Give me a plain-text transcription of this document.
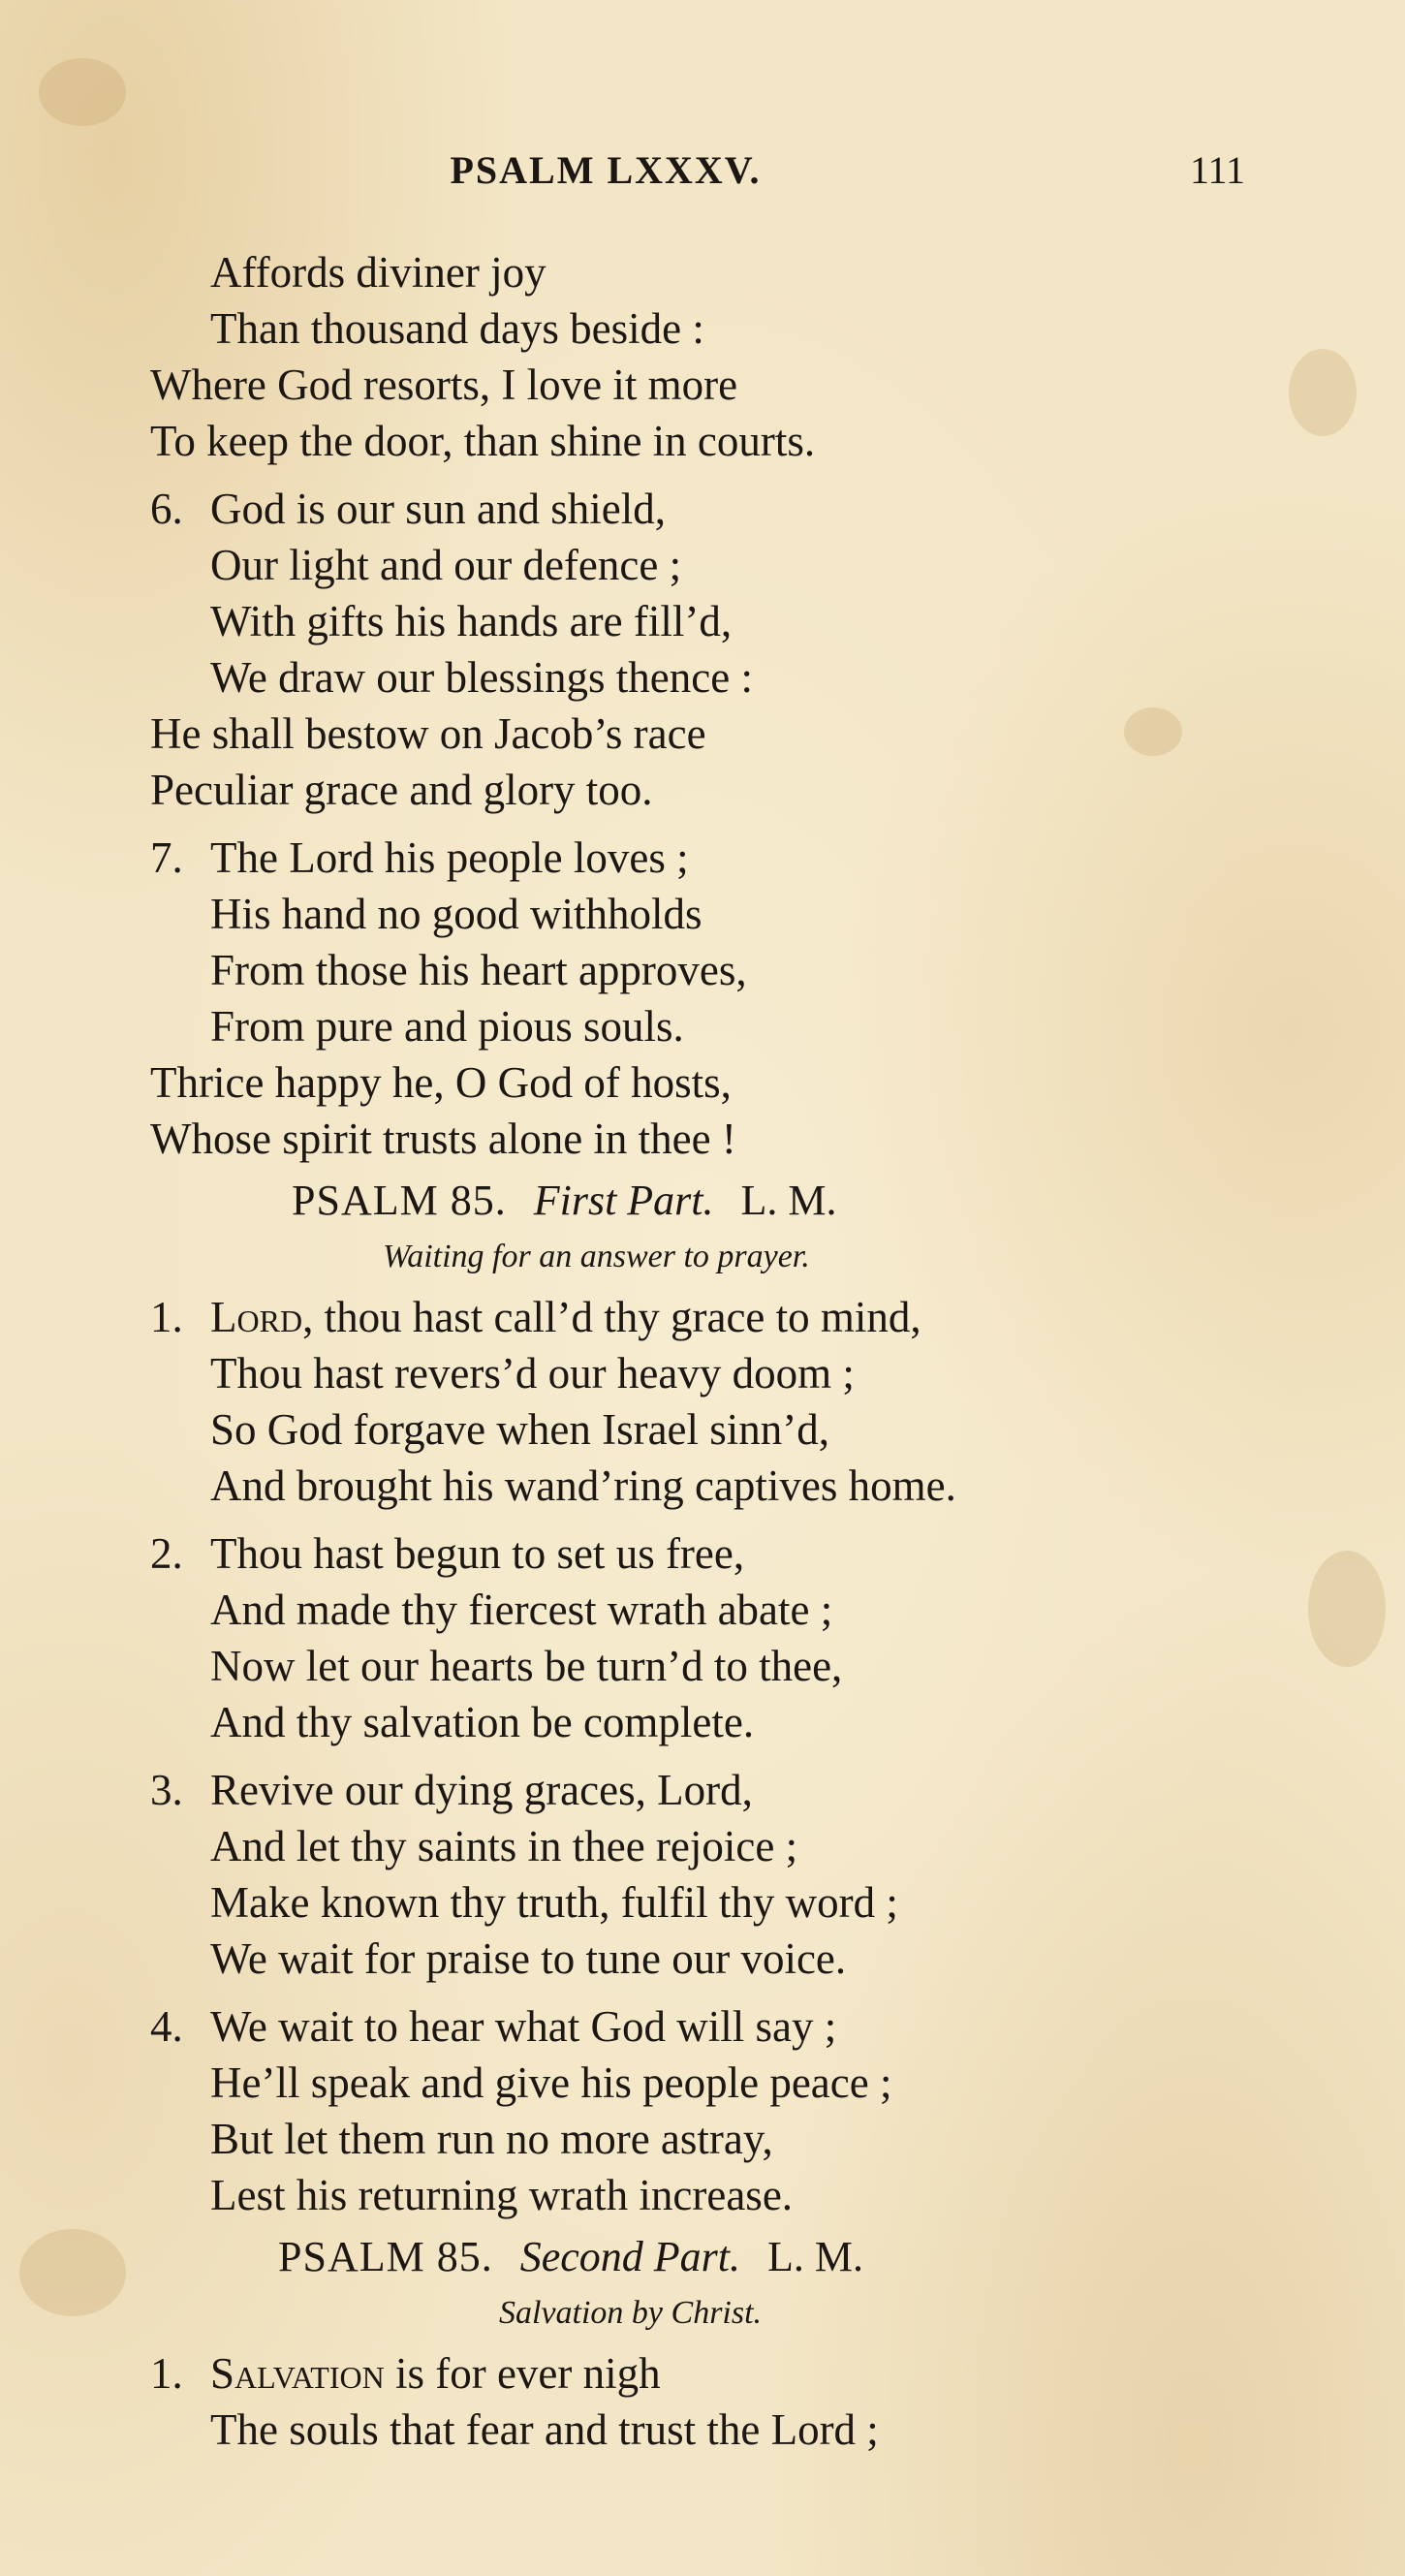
PSALM LXXXV.	111
Affords diviner joy
Than thousand days beside :
Where God resorts, I love it more
To keep the door, than shine in courts.
6. God is our sun and shield,
Our light and our defence ;
With gifts his hands are fill’d,
We draw our blessings thence :
He shall bestow on Jacob’s race
Peculiar grace and glory too.
7. The Lord his people loves ;
His hand no good withholds
From those his heart approves,
From pure and pious souls.
Thrice happy he, O God of hosts,
Whose spirit trusts alone in thee !
PSALM 85. First Part. L. M.
Waiting for an answer to prayer.
1. Lord, thou hast call’d thy grace to mind,
Thou hast revers’d our heavy doom ;
So God forgave when Israel sinn’d,
And brought his wand’ring captives home.
2. Thou hast begun to set us free,
And made thy fiercest wrath abate ;
Now let our hearts be turn’d to thee,
And thy salvation be complete.
3. Revive our dying graces, Lord,
And let thy saints in thee rejoice ;
Make known thy truth, fulfil thy word ;
We wait for praise to tune our voice.
4. We wait to hear what God will say ;
He’ll speak and give his people peace ;
But let them run no more astray,
Lest his returning wrath increase.
PSALM 85. Second Part. L. M.
Salvation by Christ.
1. Salvation is for ever nigh
The souls that fear and trust the Lord ;
